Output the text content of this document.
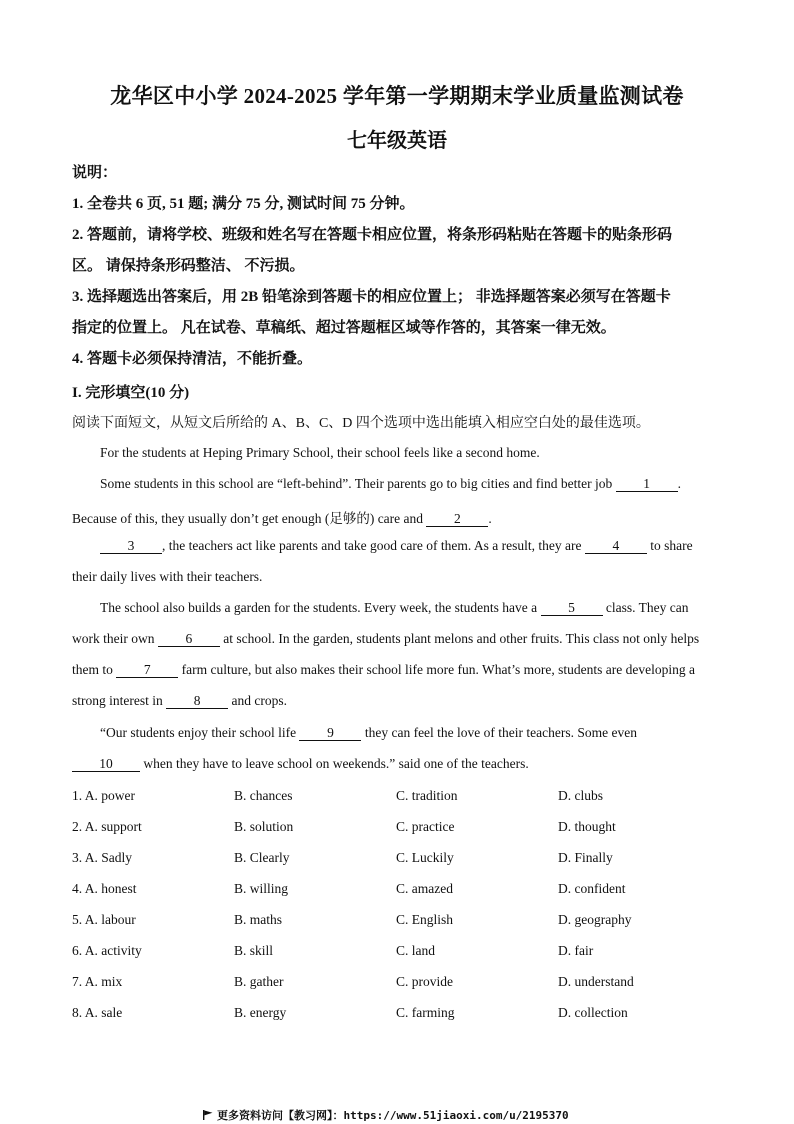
龙华区中小学 2024-2025 学年第一学期期末学业质量监测试卷
七年级英语
说明：
1. 全卷共 6 页, 51 题; 满分 75 分, 测试时间 75 分钟。
2. 答题前，请将学校、班级和姓名写在答题卡相应位置，将条形码粘贴在答题卡的贴条形码
区。 请保持条形码整洁、 不污损。
3. 选择题选出答案后，用 2B 铅笔涂到答题卡的相应位置上； 非选择题答案必须写在答题卡
指定的位置上。 凡在试卷、草稿纸、超过答题框区域等作答的，其答案一律无效。
4. 答题卡必须保持清洁，不能折叠。
I. 完形填空(10 分)
阅读下面短文，从短文后所给的 A、B、C、D 四个选项中选出能填入相应空白处的最佳选项。
For the students at Heping Primary School, their school feels like a second home.
Some students in this school are “left-behind”. Their parents go to big cities and find better job 1 .
Because of this, they usually don’t get enough (足够的) care and 2 .
3 , the teachers act like parents and take good care of them. As a result, they are 4 to share
their daily lives with their teachers.
The school also builds a garden for the students. Every week, the students have a 5 class. They can
work their own 6 at school. In the garden, students plant melons and other fruits. This class not only helps
them to 7 farm culture, but also makes their school life more fun. What’s more, students are developing a
strong interest in 8 and crops.
“Our students enjoy their school life 9 they can feel the love of their teachers. Some even
10 when they have to leave school on weekends.” said one of the teachers.
1. A. power	B. chances	C. tradition	D. clubs
2. A. support	B. solution	C. practice	D. thought
3. A. Sadly	B. Clearly	C. Luckily	D. Finally
4. A. honest	B. willing	C. amazed	D. confident
5. A. labour	B. maths	C. English	D. geography
6. A. activity	B. skill	C. land	D. fair
7. A. mix	B. gather	C. provide	D. understand
8. A. sale	B. energy	C. farming	D. collection
更多资料访问【教习网】：https://www.51jiaoxi.com/u/2195370
